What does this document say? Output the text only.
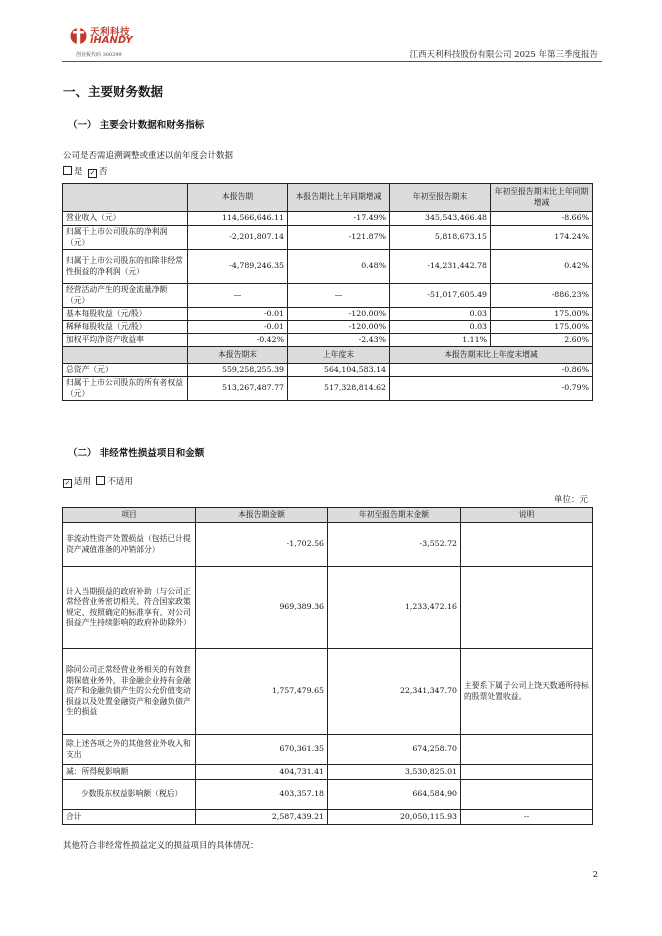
天利科技
iHANDY
创业板代码 300399	江西天利科技股份有限公司 2025 年第三季度报告
一、主要财务数据
（一） 主要会计数据和财务指标
公司是否需追溯调整或重述以前年度会计数据
是 ✓ 否
	本报告期	本报告期比上年同期增减	年初至报告期末	年初至报告期末比上年同期增减
营业收入（元）	114,566,646.11	-17.49%	345,543,466.48	-8.66%
归属于上市公司股东的净利润（元）	-2,201,807.14	-121.87%	5,818,673.15	174.24%
归属于上市公司股东的扣除非经常性损益的净利润（元）	-4,789,246.35	0.48%	-14,231,442.78	0.42%
经营活动产生的现金流量净额（元）	—	—	-51,017,605.49	-886.23%
基本每股收益（元/股）	-0.01	-120.00%	0.03	175.00%
稀释每股收益（元/股）	-0.01	-120.00%	0.03	175.00%
加权平均净资产收益率	-0.42%	-2.43%	1.11%	2.60%
	本报告期末	上年度末	本报告期末比上年度末增减	
总资产（元）	559,258,255.39	564,104,583.14	-0.86%	
归属于上市公司股东的所有者权益（元）	513,267,487.77	517,328,814.62	-0.79%	
（二） 非经常性损益项目和金额
✓ 适用 不适用
单位：元
项目	本报告期金额	年初至报告期末金额	说明
非流动性资产处置损益（包括已计提资产减值准备的冲销部分）	-1,702.56	-3,552.72	
计入当期损益的政府补助（与公司正常经营业务密切相关、符合国家政策规定、按照确定的标准享有、对公司损益产生持续影响的政府补助除外）	969,389.36	1,233,472.16	
除同公司正常经营业务相关的有效套期保值业务外，非金融企业持有金融资产和金融负债产生的公允价值变动损益以及处置金融资产和金融负债产生的损益	1,757,479.65	22,341,347.70	主要系下属子公司上饶天数通所持标的股票处置收益。
除上述各项之外的其他营业外收入和支出	670,361.35	674,258.70	
减：所得税影响额	404,731.41	3,530,825.01	
少数股东权益影响额（税后）	403,357.18	664,584.90	
合计	2,587,439.21	20,050,115.93	--
其他符合非经常性损益定义的损益项目的具体情况：
2
